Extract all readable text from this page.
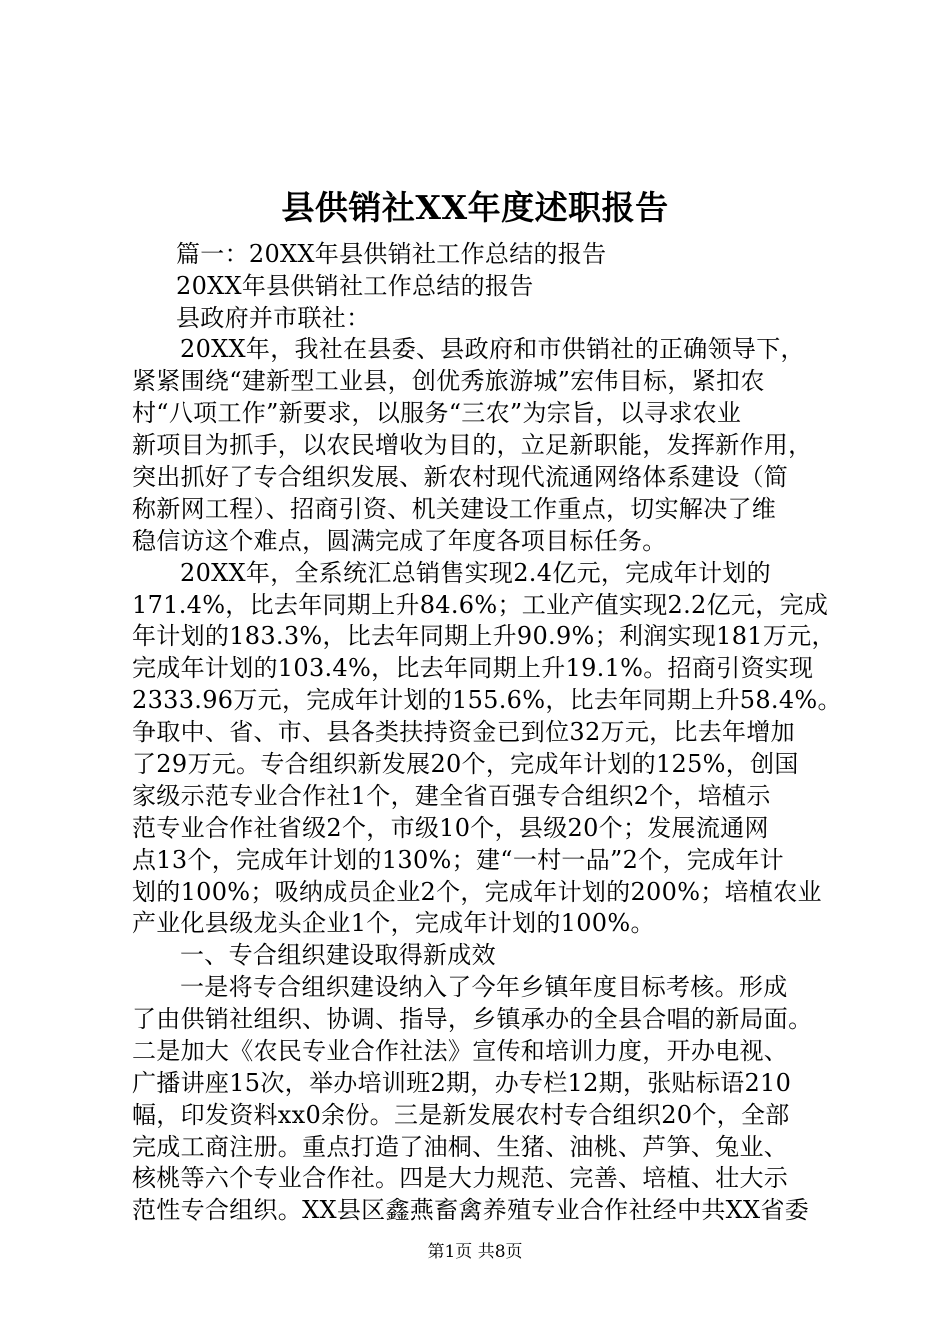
县供销社XX年度述职报告
篇一：20XX年县供销社工作总结的报告
20XX年县供销社工作总结的报告
县政府并市联社：
20XX年，我社在县委、县政府和市供销社的正确领导下，
紧紧围绕“建新型工业县，创优秀旅游城”宏伟目标，紧扣农
村“八项工作”新要求，以服务“三农”为宗旨，以寻求农业
新项目为抓手，以农民增收为目的，立足新职能，发挥新作用，
突出抓好了专合组织发展、新农村现代流通网络体系建设（简
称新网工程）、招商引资、机关建设工作重点，切实解决了维
稳信访这个难点，圆满完成了年度各项目标任务。
20XX年，全系统汇总销售实现2.4亿元，完成年计划的
171.4%，比去年同期上升84.6%；工业产值实现2.2亿元，完成
年计划的183.3%，比去年同期上升90.9%；利润实现181万元，
完成年计划的103.4%，比去年同期上升19.1%。招商引资实现
2333.96万元，完成年计划的155.6%，比去年同期上升58.4%。
争取中、省、市、县各类扶持资金已到位32万元，比去年增加
了29万元。专合组织新发展20个，完成年计划的125%，创国
家级示范专业合作社1个，建全省百强专合组织2个，培植示
范专业合作社省级2个，市级10个，县级20个；发展流通网
点13个，完成年计划的130%；建“一村一品”2个，完成年计
划的100%；吸纳成员企业2个，完成年计划的200%；培植农业
产业化县级龙头企业1个，完成年计划的100%。
一、专合组织建设取得新成效
一是将专合组织建设纳入了今年乡镇年度目标考核。形成
了由供销社组织、协调、指导，乡镇承办的全县合唱的新局面。
二是加大《农民专业合作社法》宣传和培训力度，开办电视、
广播讲座15次，举办培训班2期，办专栏12期，张贴标语210
幅，印发资料xx0余份。三是新发展农村专合组织20个，全部
完成工商注册。重点打造了油桐、生猪、油桃、芦笋、兔业、
核桃等六个专业合作社。四是大力规范、完善、培植、壮大示
范性专合组织。XX县区鑫燕畜禽养殖专业合作社经中共XX省委
第1页 共8页
